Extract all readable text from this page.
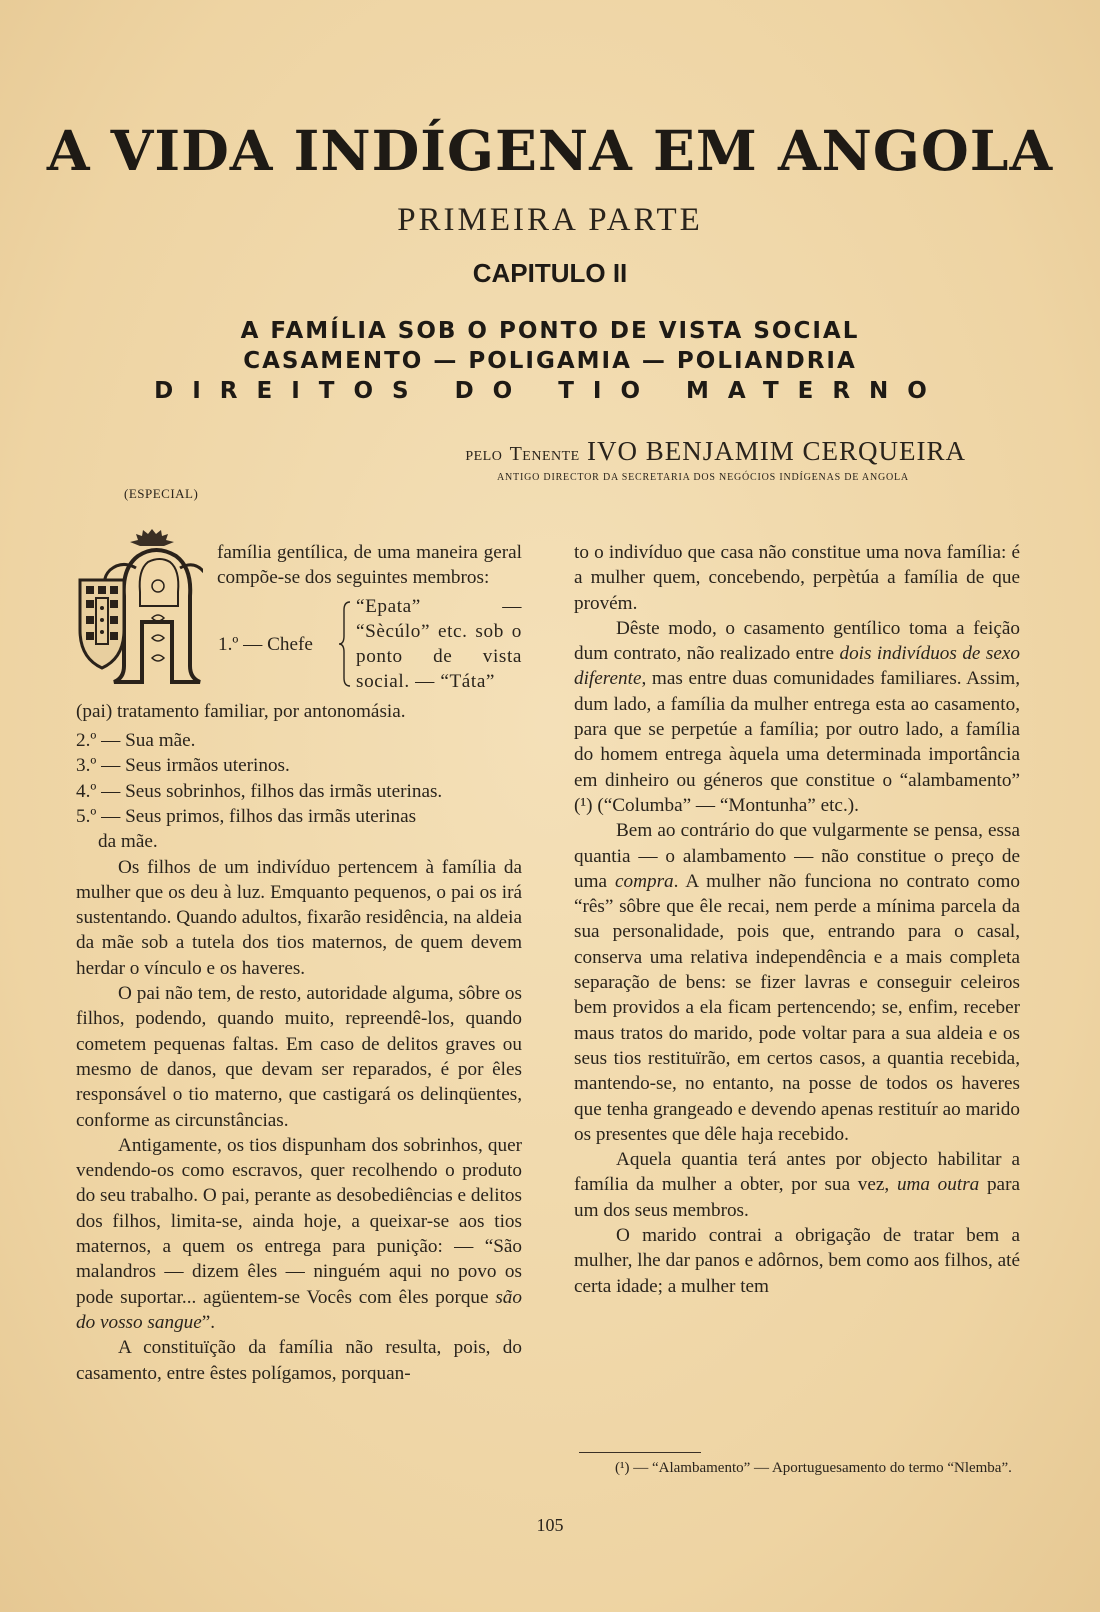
A VIDA INDÍGENA EM ANGOLA
PRIMEIRA PARTE
CAPITULO II
A FAMÍLIA SOB O PONTO DE VISTA SOCIAL
CASAMENTO — POLIGAMIA — POLIANDRIA
DIREITOS DO TIO MATERNO
pelo Tenente IVO BENJAMIM CERQUEIRA
ANTIGO DIRECTOR DA SECRETARIA DOS NEGÓCIOS INDÍGENAS DE ANGOLA
(ESPECIAL)

família gentílica, de uma maneira geral compõe-se dos seguintes membros:

1.º — Chefe
“Epata” — “Sècúlo” etc. sob o ponto de vista social. — “Táta”

(pai) tratamento familiar, por antonomásia.

2.º — Sua mãe.
3.º — Seus irmãos uterinos.
4.º — Seus sobrinhos, filhos das irmãs uterinas.
5.º — Seus primos, filhos das irmãs uterinas
da mãe.

Os filhos de um indivíduo pertencem à família da mulher que os deu à luz. Emquanto pequenos, o pai os irá sustentando. Quando adultos, fixarão residência, na aldeia da mãe sob a tutela dos tios maternos, de quem devem herdar o vínculo e os haveres.

O pai não tem, de resto, autoridade alguma, sôbre os filhos, podendo, quando muito, repreendê-los, quando cometem pequenas faltas. Em caso de delitos graves ou mesmo de danos, que devam ser reparados, é por êles responsável o tio materno, que castigará os delinqüentes, conforme as circunstâncias.

Antigamente, os tios dispunham dos sobrinhos, quer vendendo-os como escravos, quer recolhendo o produto do seu trabalho. O pai, perante as desobediências e delitos dos filhos, limita-se, ainda hoje, a queixar-se aos tios maternos, a quem os entrega para punição: — “São malandros — dizem êles — ninguém aqui no povo os pode suportar... agüentem-se Vocês com êles porque são do vosso sangue”.

A constituïção da família não resulta, pois, do casamento, entre êstes polígamos, porquan-

to o indivíduo que casa não constitue uma nova família: é a mulher quem, concebendo, perpètúa a família de que provém.

Dêste modo, o casamento gentílico toma a feição dum contrato, não realizado entre dois indivíduos de sexo diferente, mas entre duas comunidades familiares. Assim, dum lado, a família da mulher entrega esta ao casamento, para que se perpetúe a família; por outro lado, a família do homem entrega àquela uma determinada importância em dinheiro ou géneros que constitue o “alambamento” (¹) (“Columba” — “Montunha” etc.).

Bem ao contrário do que vulgarmente se pensa, essa quantia — o alambamento — não constitue o preço de uma compra. A mulher não funciona no contrato como “rês” sôbre que êle recai, nem perde a mínima parcela da sua personalidade, pois que, entrando para o casal, conserva uma relativa independência e a mais completa separação de bens: se fizer lavras e conseguir celeiros bem providos a ela ficam pertencendo; se, enfim, receber maus tratos do marido, pode voltar para a sua aldeia e os seus tios restituïrão, em certos casos, a quantia recebida, mantendo-se, no entanto, na posse de todos os haveres que tenha grangeado e devendo apenas restituír ao marido os presentes que dêle haja recebido.

Aquela quantia terá antes por objecto habilitar a família da mulher a obter, por sua vez, uma outra para um dos seus membros.

O marido contrai a obrigação de tratar bem a mulher, lhe dar panos e adôrnos, bem como aos filhos, até certa idade; a mulher tem

(¹) — “Alambamento” — Aportuguesamento do termo “Nlemba”.
105
